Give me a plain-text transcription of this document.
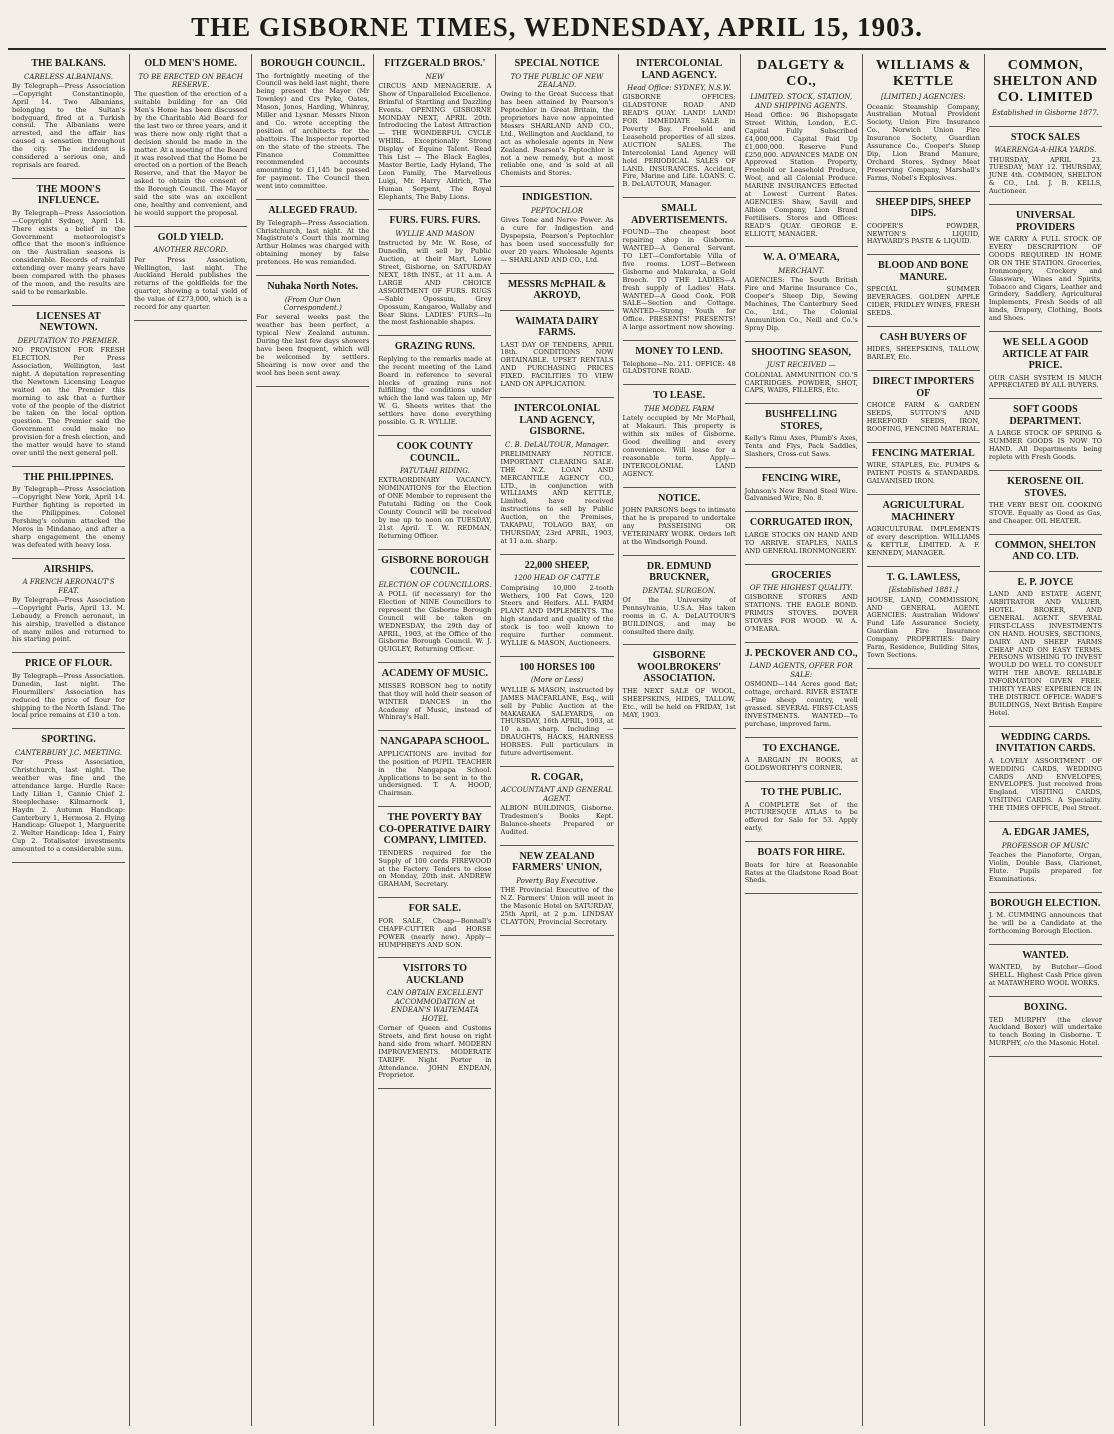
THE GISBORNE TIMES, WEDNESDAY, APRIL 15, 1903.
THE BALKANS.
CARELESS ALBANIANS.
By Telegraph—Press Association—Copyright Constantinople, April 14. Two Albanians, belonging to the Sultan's bodyguard, fired at a Turkish consul. The Albanians were arrested, and the affair has caused a sensation throughout the city. The incident is considered a serious one, and reprisals are feared.
THE MOON'S INFLUENCE.
By Telegraph—Press Association—Copyright Sydney, April 14. There exists a belief in the Government meteorologist's office that the moon's influence on the Australian seasons is considerable. Records of rainfall extending over many years have been compared with the phases of the moon, and the results are said to be remarkable.
LICENSES AT NEWTOWN.
DEPUTATION TO PREMIER.
NO PROVISION FOR FRESH ELECTION. Per Press Association, Wellington, last night. A deputation representing the Newtown Licensing League waited on the Premier this morning to ask that a further vote of the people of the district be taken on the local option question. The Premier said the Government could make no provision for a fresh election, and the matter would have to stand over until the next general poll.
THE PHILIPPINES.
By Telegraph—Press Association—Copyright New York, April 14. Further fighting is reported in the Philippines. Colonel Pershing's column attacked the Moros in Mindanao, and after a sharp engagement the enemy was defeated with heavy loss.
AIRSHIPS.
A FRENCH AERONAUT'S FEAT.
By Telegraph—Press Association—Copyright Paris, April 13. M. Lebaudy, a French aeronaut, in his airship, travelled a distance of many miles and returned to his starting point.
PRICE OF FLOUR.
By Telegraph—Press Association. Dunedin, last night. The Flourmillers' Association has reduced the price of flour for shipping to the North Island. The local price remains at £10 a ton.
SPORTING.
CANTERBURY J.C. MEETING.
Per Press Association, Christchurch, last night. The weather was fine and the attendance large. Hurdle Race: Lady Lilian 1, Cannie Chief 2. Steeplechase: Kilmarnock 1, Haydn 2. Autumn Handicap: Canterbury 1, Hermosa 2. Flying Handicap: Gluepot 1, Marguerite 2. Welter Handicap: Idea 1, Fairy Cup 2. Totalisator investments amounted to a considerable sum.
OLD MEN'S HOME.
TO BE ERECTED ON BEACH RESERVE.
The question of the erection of a suitable building for an Old Men's Home has been discussed by the Charitable Aid Board for the last two or three years, and it was there now only right that a decision should be made in the matter. At a meeting of the Board it was resolved that the Home be erected on a portion of the Beach Reserve, and that the Mayor be asked to obtain the consent of the Borough Council. The Mayor said the site was an excellent one, healthy and convenient, and he would support the proposal.
GOLD YIELD.
ANOTHER RECORD.
Per Press Association, Wellington, last night. The Auckland Herald publishes the returns of the goldfields for the quarter, showing a total yield of the value of £273,000, which is a record for any quarter.
BOROUGH COUNCIL.
The fortnightly meeting of the Council was held last night, there being present the Mayor (Mr Townley) and Crs Pyke, Oates, Mason, Jones, Harding, Whinray, Miller and Lysnar. Messrs Nixon and Co. wrote accepting the position of architects for the abattoirs. The Inspector reported on the state of the streets. The Finance Committee recommended accounts amounting to £1,145 be passed for payment. The Council then went into committee.
ALLEGED FRAUD.
By Telegraph—Press Association. Christchurch, last night. At the Magistrate's Court this morning Arthur Holmes was charged with obtaining money by false pretences. He was remanded.
Nuhaka North Notes.
(From Our Own Correspondent.)
For several weeks past the weather has been perfect, a typical New Zealand autumn. During the last few days showers have been frequent, which will be welcomed by settlers. Shearing is now over and the wool has been sent away.
FITZGERALD BROS.'
NEW
CIRCUS AND MENAGERIE. A Show of Unparalleled Excellence. Brimful of Startling and Dazzling Events. OPENING GISBORNE MONDAY NEXT, APRIL 20th. Introducing the Latest Attraction — THE WONDERFUL CYCLE WHIRL. Exceptionally Strong Display of Equine Talent. Read This List — The Black Eagles, Master Bertie, Lady Hyland, The Leon Family, The Marvellous Luigi, Mr. Harry Aldrich, The Human Serpent, The Royal Elephants, The Baby Lions.
FURS. FURS. FURS.
WYLLIE AND MASON
Instructed by Mr. W. Rose, of Dunedin, will sell by Public Auction, at their Mart, Lowe Street, Gisborne, on SATURDAY NEXT, 18th INST., at 11 a.m. A LARGE AND CHOICE ASSORTMENT OF FURS. RUGS—Sable Opossum, Grey Opossum, Kangaroo, Wallaby and Bear Skins. LADIES' FURS—In the most fashionable shapes.
GRAZING RUNS.
Replying to the remarks made at the recent meeting of the Land Board in reference to several blocks of grazing runs not fulfilling the conditions under which the land was taken up, Mr W. G. Sheets writes that the settlers have done everything possible. G. R. WYLLIE.
COOK COUNTY COUNCIL.
PATUTAHI RIDING.
EXTRAORDINARY VACANCY. NOMINATIONS for the Election of ONE Member to represent the Patutahi Riding on the Cook County Council will be received by me up to noon on TUESDAY, 21st April. T. W. REDMAN, Returning Officer.
GISBORNE BOROUGH COUNCIL.
ELECTION OF COUNCILLORS.
A POLL (if necessary) for the Election of NINE Councillors to represent the Gisborne Borough Council will be taken on WEDNESDAY, the 29th day of APRIL, 1903, at the Office of the Gisborne Borough Council. W. J. QUIGLEY, Returning Officer.
ACADEMY OF MUSIC.
MISSES ROBSON beg to notify that they will hold their season of WINTER DANCES in the Academy of Music, instead of Whinray's Hall.
NANGAPAPA SCHOOL.
APPLICATIONS are invited for the position of PUPIL TEACHER in the Nangapapa School. Applications to be sent in to the undersigned. T. A. HOOD, Chairman.
THE POVERTY BAY CO-OPERATIVE DAIRY COMPANY, LIMITED.
TENDERS required for the Supply of 100 cords FIREWOOD at the Factory. Tenders to close on Monday, 20th inst. ANDREW GRAHAM, Secretary.
FOR SALE.
FOR SALE, Cheap—Bonnall's CHAFF-CUTTER and HORSE POWER (nearly new). Apply— HUMPHREYS AND SON.
VISITORS TO AUCKLAND
CAN OBTAIN EXCELLENT ACCOMMODATION at ENDEAN'S WAITEMATA HOTEL
Corner of Queen and Customs Streets, and first house on right hand side from wharf. MODERN IMPROVEMENTS. MODERATE TARIFF. Night Porter in Attendance. JOHN ENDEAN, Proprietor.
SPECIAL NOTICE
TO THE PUBLIC OF NEW ZEALAND.
Owing to the Great Success that has been attained by Pearson's Peptochlor in Great Britain, the proprietors have now appointed Messrs SHARLAND AND CO., Ltd., Wellington and Auckland, to act as wholesale agents in New Zealand. Pearson's Peptochlor is not a new remedy, but a most reliable one, and is sold at all Chemists and Stores.
INDIGESTION.
PEPTOCHLOR
Gives Tone and Nerve Power. As a cure for Indigestion and Dyspepsia, Pearson's Peptochlor has been used successfully for over 20 years. Wholesale Agents — SHARLAND AND CO., Ltd.
MESSRS McPHAIL & AKROYD,
WAIMATA DAIRY FARMS.
LAST DAY OF TENDERS, APRIL 18th. CONDITIONS NOW OBTAINABLE. UPSET RENTALS AND PURCHASING PRICES FIXED. FACILITIES TO VIEW LAND ON APPLICATION.
INTERCOLONIAL LAND AGENCY, GISBORNE.
C. B. DeLAUTOUR, Manager.
PRELIMINARY NOTICE. IMPORTANT CLEARING SALE. THE N.Z. LOAN AND MERCANTILE AGENCY CO., LTD., in conjunction with WILLIAMS AND KETTLE, Limited, have received instructions to sell by Public Auction, on the Premises, TAKAPAU, TOLAGO BAY, on THURSDAY, 23rd APRIL, 1903, at 11 a.m. sharp.
22,000 SHEEP,
1200 HEAD OF CATTLE
Comprising 10,000 2-tooth Wethers, 100 Fat Cows, 120 Steers and Heifers. ALL FARM PLANT AND IMPLEMENTS. The high standard and quality of the stock is too well known to require further comment. WYLLIE & MASON, Auctioneers.
100 HORSES 100
(More or Less)
WYLLIE & MASON, instructed by JAMES MACFARLANE, Esq., will sell by Public Auction at the MAKARAKA SALEYARDS, on THURSDAY, 16th APRIL, 1903, at 10 a.m. sharp. Including — DRAUGHTS, HACKS, HARNESS HORSES. Full particulars in future advertisement.
R. COGAR,
ACCOUNTANT AND GENERAL AGENT.
ALBION BUILDINGS, Gisborne. Tradesmen's Books Kept. Balance-sheets Prepared or Audited.
NEW ZEALAND FARMERS' UNION,
Poverty Bay Executive.
THE Provincial Executive of the N.Z. Farmers' Union will meet in the Masonic Hotel on SATURDAY, 25th April, at 2 p.m. LINDSAY CLAYTON, Provincial Secretary.
INTERCOLONIAL LAND AGENCY.
Head Office: SYDNEY, N.S.W.
GISBORNE OFFICES: GLADSTONE ROAD AND READ'S QUAY. LAND! LAND! FOR IMMEDIATE SALE in Poverty Bay. Freehold and Leasehold properties of all sizes. AUCTION SALES. The Intercolonial Land Agency will hold PERIODICAL SALES OF LAND. INSURANCES. Accident, Fire, Marine and Life. LOANS. C. B. DeLAUTOUR, Manager.
SMALL ADVERTISEMENTS.
FOUND—The cheapest boot repairing shop in Gisborne. WANTED—A General Servant. TO LET—Comfortable Villa of five rooms. LOST—Between Gisborne and Makaraka, a Gold Brooch. TO THE LADIES—A fresh supply of Ladies' Hats. WANTED—A Good Cook. FOR SALE—Section and Cottage. WANTED—Strong Youth for Office. PRESENTS! PRESENTS! A large assortment now showing.
MONEY TO LEND.
Telephone—No. 211. OFFICE: 48 GLADSTONE ROAD.
TO LEASE.
THE MODEL FARM
Lately occupied by Mr McPhail, at Makauri. This property is within six miles of Gisborne. Good dwelling and every convenience. Will lease for a reasonable term. Apply— INTERCOLONIAL LAND AGENCY.
NOTICE.
JOHN PARSONS begs to intimate that he is prepared to undertake any PASSEISING OR VETERINARY WORK. Orders left at the Windsorigh Pound.
DR. EDMUND BRUCKNER,
DENTAL SURGEON.
Of the University of Pennsylvania, U.S.A. Has taken rooms in C. A. DeLAUTOUR'S BUILDINGS, and may be consulted there daily.
GISBORNE WOOLBROKERS' ASSOCIATION.
THE NEXT SALE OF WOOL, SHEEPSKINS, HIDES, TALLOW, Etc., will be held on FRIDAY, 1st MAY, 1903.
DALGETY & CO.,
LIMITED. STOCK, STATION, AND SHIPPING AGENTS.
Head Office: 96 Bishopsgate Street Within, London, E.C. Capital Fully Subscribed £4,000,000. Capital Paid Up £1,000,000. Reserve Fund £250,000. ADVANCES MADE ON Approved Station Property, Freehold or Leasehold Produce, Wool, and all Colonial Produce. MARINE INSURANCES Effected at Lowest Current Rates. AGENCIES: Shaw, Savill and Albion Company, Lion Brand Fertilisers. Stores and Offices: READ'S QUAY. GEORGE E. ELLIOTT, MANAGER.
W. A. O'MEARA,
MERCHANT.
AGENCIES: The South British Fire and Marine Insurance Co., Cooper's Sheep Dip, Sewing Machines, The Canterbury Seed Co., Ltd., The Colonial Ammunition Co., Neill and Co.'s Spray Dip.
SHOOTING SEASON,
JUST RECEIVED —
COLONIAL AMMUNITION CO.'S CARTRIDGES. POWDER, SHOT, CAPS, WADS, FILLERS, Etc.
BUSHFELLING STORES,
Kelly's Rimu Axes, Plumb's Axes, Tents and Flys, Pack Saddles, Slashers, Cross-cut Saws.
FENCING WIRE,
Johnson's New Brand Steel Wire. Galvanised Wire, No. 8.
CORRUGATED IRON,
LARGE STOCKS ON HAND AND TO ARRIVE. STAPLES, NAILS AND GENERAL IRONMONGERY.
GROCERIES
OF THE HIGHEST QUALITY.
GISBORNE STORES AND STATIONS. THE EAGLE BOND. PRIMUS STOVES. DOVER STOVES FOR WOOD. W. A. O'MEARA.
J. PECKOVER AND CO.,
LAND AGENTS, OFFER FOR SALE:
OSMOND—144 Acres good flat; cottage, orchard. RIVER ESTATE—Fine sheep country, well grassed. SEVERAL FIRST-CLASS INVESTMENTS. WANTED—To purchase, improved farm.
TO EXCHANGE.
A BARGAIN IN BOOKS, at GOLDSWORTHY'S CORNER.
TO THE PUBLIC.
A COMPLETE Set of the PICTURESQUE ATLAS to be offered for Sale for 53. Apply early.
BOATS FOR HIRE.
Boats for hire at Reasonable Rates at the Gladstone Road Boat Sheds.
WILLIAMS & KETTLE
[LIMITED.] AGENCIES:
Oceanic Steamship Company, Australian Mutual Provident Society, Union Fire Insurance Co., Norwich Union Fire Insurance Society, Guardian Assurance Co., Cooper's Sheep Dip, Lion Brand Manure, Orchard Stores, Sydney Meat Preserving Company, Marshall's Farms, Nobel's Explosives.
SHEEP DIPS, SHEEP DIPS.
COOPER'S POWDER, NEWTON'S LIQUID, HAYWARD'S PASTE & LIQUID.
BLOOD AND BONE MANURE.
SPECIAL SUMMER BEVERAGES. GOLDEN APPLE CIDER, FRIDLEY WINES, FRESH SEEDS.
CASH BUYERS OF
HIDES, SHEEPSKINS, TALLOW, BARLEY, Etc.
DIRECT IMPORTERS OF
CHOICE FARM & GARDEN SEEDS, SUTTON'S AND HEREFORD SEEDS, IRON, ROOFING, FENCING MATERIAL.
FENCING MATERIAL
WIRE, STAPLES, Etc. PUMPS & PATENT POSTS & STANDARDS. GALVANISED IRON.
AGRICULTURAL MACHINERY
AGRICULTURAL IMPLEMENTS of every description. WILLIAMS & KETTLE, LIMITED. A. F. KENNEDY, MANAGER.
T. G. LAWLESS,
[Established 1881.]
HOUSE, LAND, COMMISSION, AND GENERAL AGENT. AGENCIES: Australian Widows' Fund Life Assurance Society, Guardian Fire Insurance Company. PROPERTIES: Dairy Farm, Residence, Building Sites, Town Sections.
COMMON, SHELTON AND CO. LIMITED
Established in Gisborne 1877.
STOCK SALES
WAERENGA-A-HIKA YARDS.
THURSDAY, APRIL 23. TUESDAY, MAY 12. THURSDAY, JUNE 4th. COMMON, SHELTON & CO., Ltd. J. B. KELLS, Auctioneer.
UNIVERSAL PROVIDERS
WE CARRY A FULL STOCK OF EVERY DESCRIPTION OF GOODS REQUIRED IN HOME OR ON THE STATION. Groceries, Ironmongery, Crockery and Glassware, Wines and Spirits, Tobacco and Cigars, Leather and Grindery, Saddlery, Agricultural Implements, Fresh Seeds of all kinds, Drapery, Clothing, Boots and Shoes.
WE SELL A GOOD ARTICLE AT FAIR PRICE.
OUR CASH SYSTEM IS MUCH APPRECIATED BY ALL BUYERS.
SOFT GOODS DEPARTMENT.
A LARGE STOCK OF SPRING & SUMMER GOODS IS NOW TO HAND. All Departments being replete with Fresh Goods.
KEROSENE OIL STOVES.
THE VERY BEST OIL COOKING STOVE. Equally as Good as Gas, and Cheaper. OIL HEATER.
COMMON, SHELTON AND CO. LTD.
E. P. JOYCE
LAND AND ESTATE AGENT, ARBITRATOR AND VALUER, HOTEL BROKER, AND GENERAL AGENT. SEVERAL FIRST-CLASS INVESTMENTS ON HAND. HOUSES, SECTIONS, DAIRY AND SHEEP FARMS CHEAP AND ON EASY TERMS. PERSONS WISHING TO INVEST WOULD DO WELL TO CONSULT WITH THE ABOVE. RELIABLE INFORMATION GIVEN FREE. THIRTY YEARS' EXPERIENCE IN THE DISTRICT. OFFICE: WADE'S BUILDINGS, Next British Empire Hotel.
WEDDING CARDS. INVITATION CARDS.
A LOVELY ASSORTMENT OF WEDDING CARDS, WEDDING CARDS AND ENVELOPES, ENVELOPES. Just received from England. VISITING CARDS, VISITING CARDS. A Speciality. THE TIMES OFFICE, Peel Street.
A. EDGAR JAMES,
PROFESSOR OF MUSIC
Teaches the Pianoforte, Organ, Violin, Double Bass, Clarionet, Flute. Pupils prepared for Examinations.
BOROUGH ELECTION.
J. M. CUMMING announces that he will be a Candidate at the forthcoming Borough Election.
WANTED.
WANTED, by Butcher—Good SHELL. Highest Cash Price given at MATAWHERO WOOL WORKS.
BOXING.
TED MURPHY (the clever Auckland Boxer) will undertake to teach Boxing in Gisborne. T. MURPHY, c/o the Masonic Hotel.
